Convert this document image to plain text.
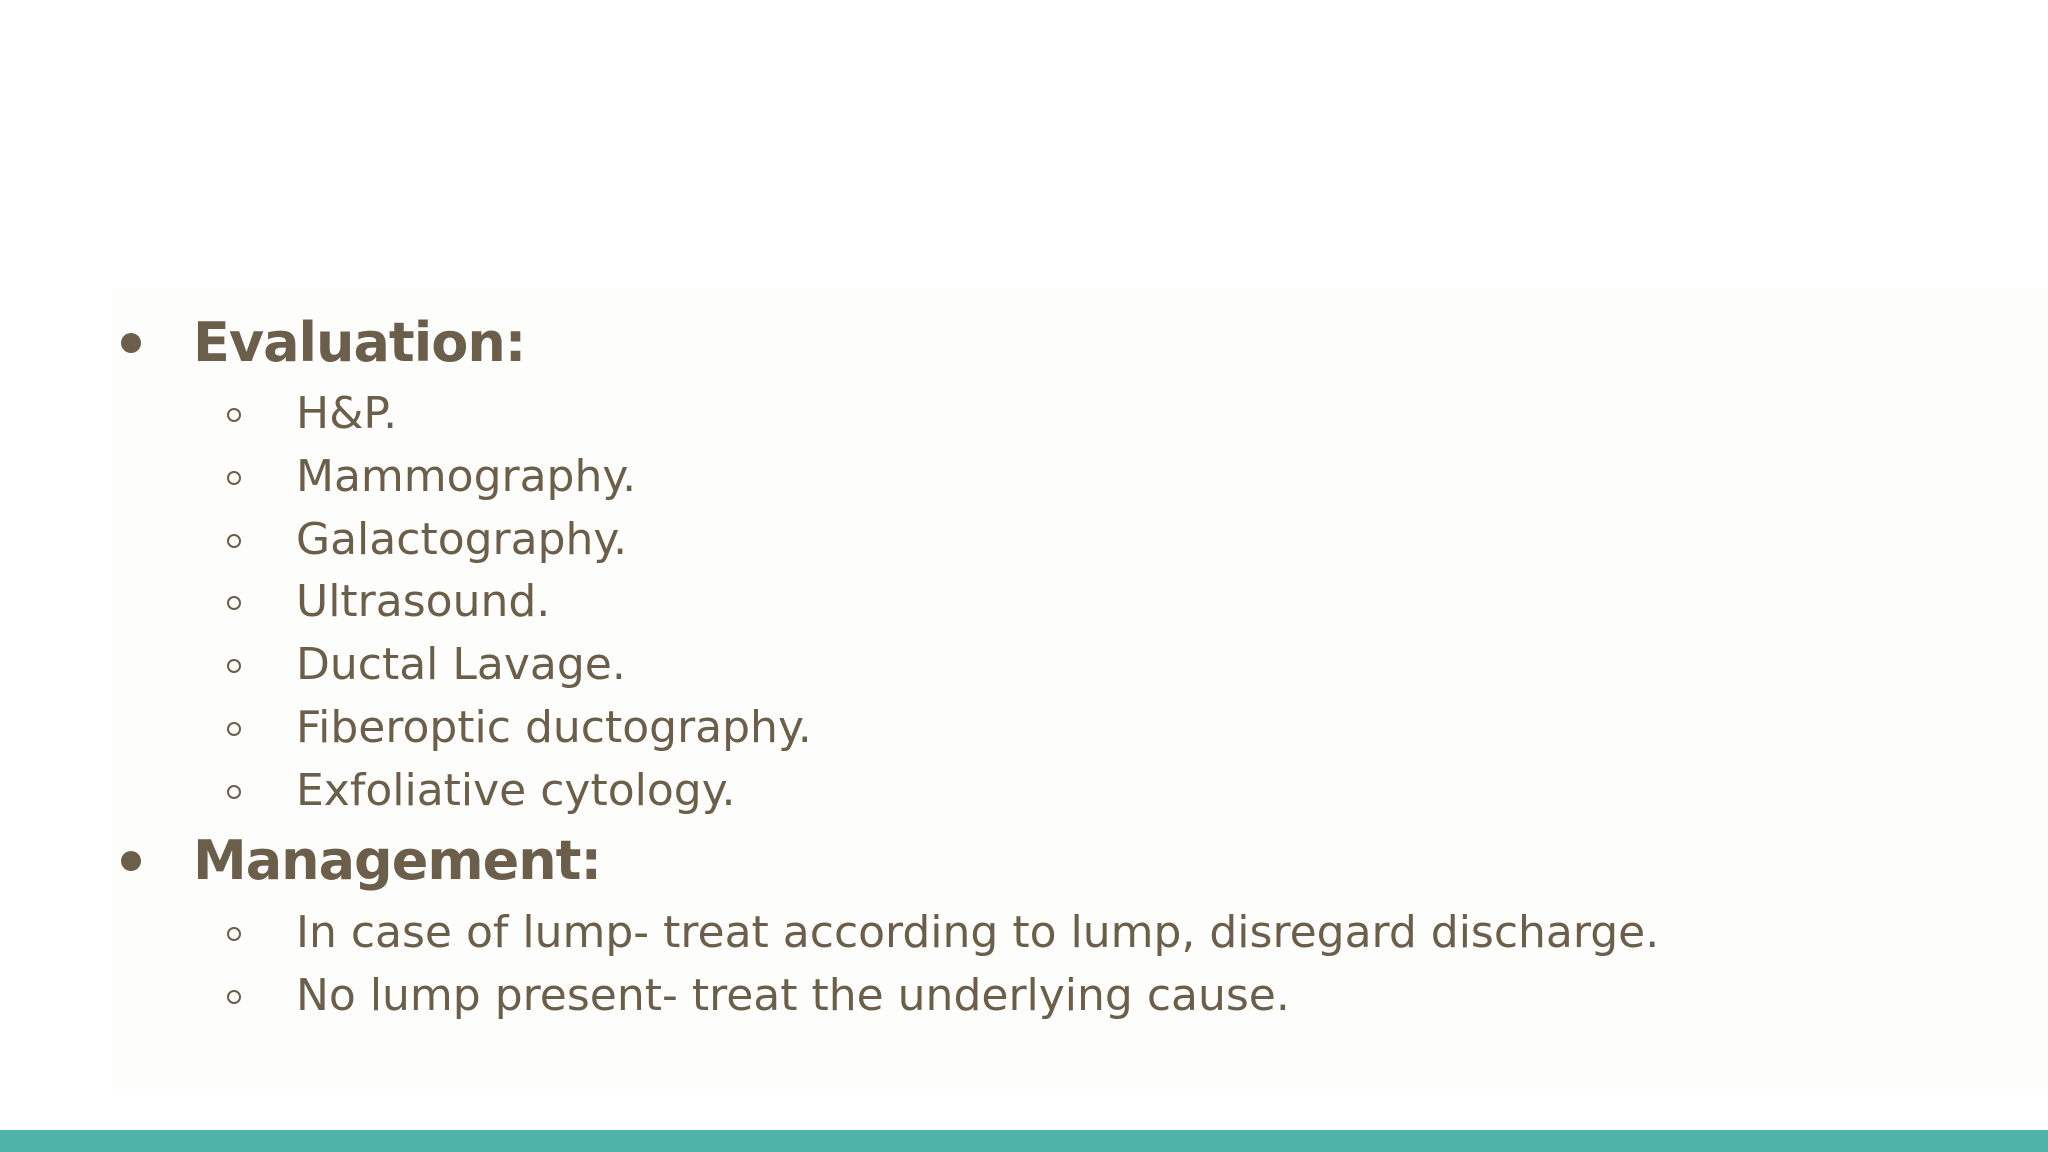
Evaluation:
H&P.
Mammography.
Galactography.
Ultrasound.
Ductal Lavage.
Fiberoptic ductography.
Exfoliative cytology.
Management:
In case of lump- treat according to lump, disregard discharge.
No lump present- treat the underlying cause.
